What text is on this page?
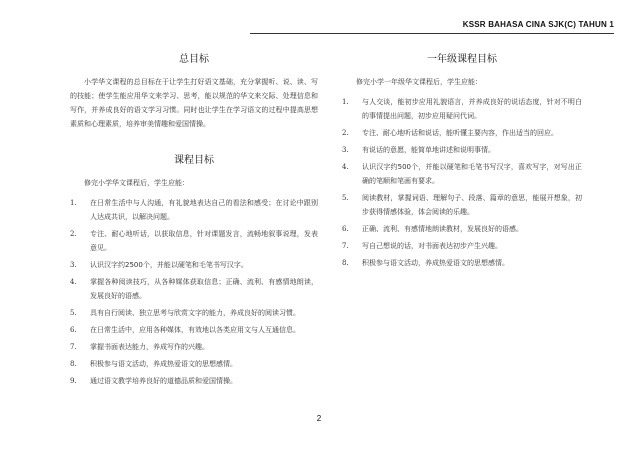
KSSR BAHASA CINA SJK(C) TAHUN 1
总目标

小学华文课程的总目标在于让学生打好语文基础，充分掌握听、说、读、写的技能；使学生能应用华文来学习、思考，能以规范的华文来交际、处理信息和写作，并养成良好的语文学习习惯。同时也让学生在学习语文的过程中提高思想素质和心理素质，培养审美情趣和爱国情操。

课程目标
修完小学华文课程后，学生应能：
1. 在日常生活中与人沟通，有礼貌地表达自己的看法和感受；在讨论中跟别人达成共识，以解决问题。
2. 专注、耐心地听话，以获取信息，针对课题发言，流畅地叙事说理，发表意见。
3. 认识汉字约2500个，并能以硬笔和毛笔书写汉字。
4. 掌握各种阅读技巧，从各种媒体获取信息；正确、流利、有感情地朗读，发展良好的语感。
5. 具有自行阅读、独立思考与欣赏文字的能力，养成良好的阅读习惯。
6. 在日常生活中，应用各种媒体，有效地以各类应用文与人互通信息。
7. 掌握书面表达能力，养成写作的兴趣。
8. 积极参与语文活动，养成热爱语文的思想感情。
9. 通过语文教学培养良好的道德品质和爱国情操。
一年级课程目标
修完小学一年级华文课程后，学生应能：
1. 与人交谈，能初步应用礼貌语言，并养成良好的说话态度，针对不明白的事情提出问题，初步应用疑问代词。
2. 专注、耐心地听话和说话，能听懂主要内容，作出适当的回应。
3. 有说话的意愿，能简单地讲述和说明事情。
4. 认识汉字约500个，并能以硬笔和毛笔书写汉字，喜欢写字，对写出正确的笔顺和笔画有要求。
5. 阅读教材，掌握词语、理解句子、段落、篇章的意思，能展开想象，初步获得情感体验，体会阅读的乐趣。
6. 正确、流利、有感情地朗读教材，发展良好的语感。
7. 写自己想说的话，对书面表达初步产生兴趣。
8. 积极参与语文活动，养成热爱语文的思想感情。
2
